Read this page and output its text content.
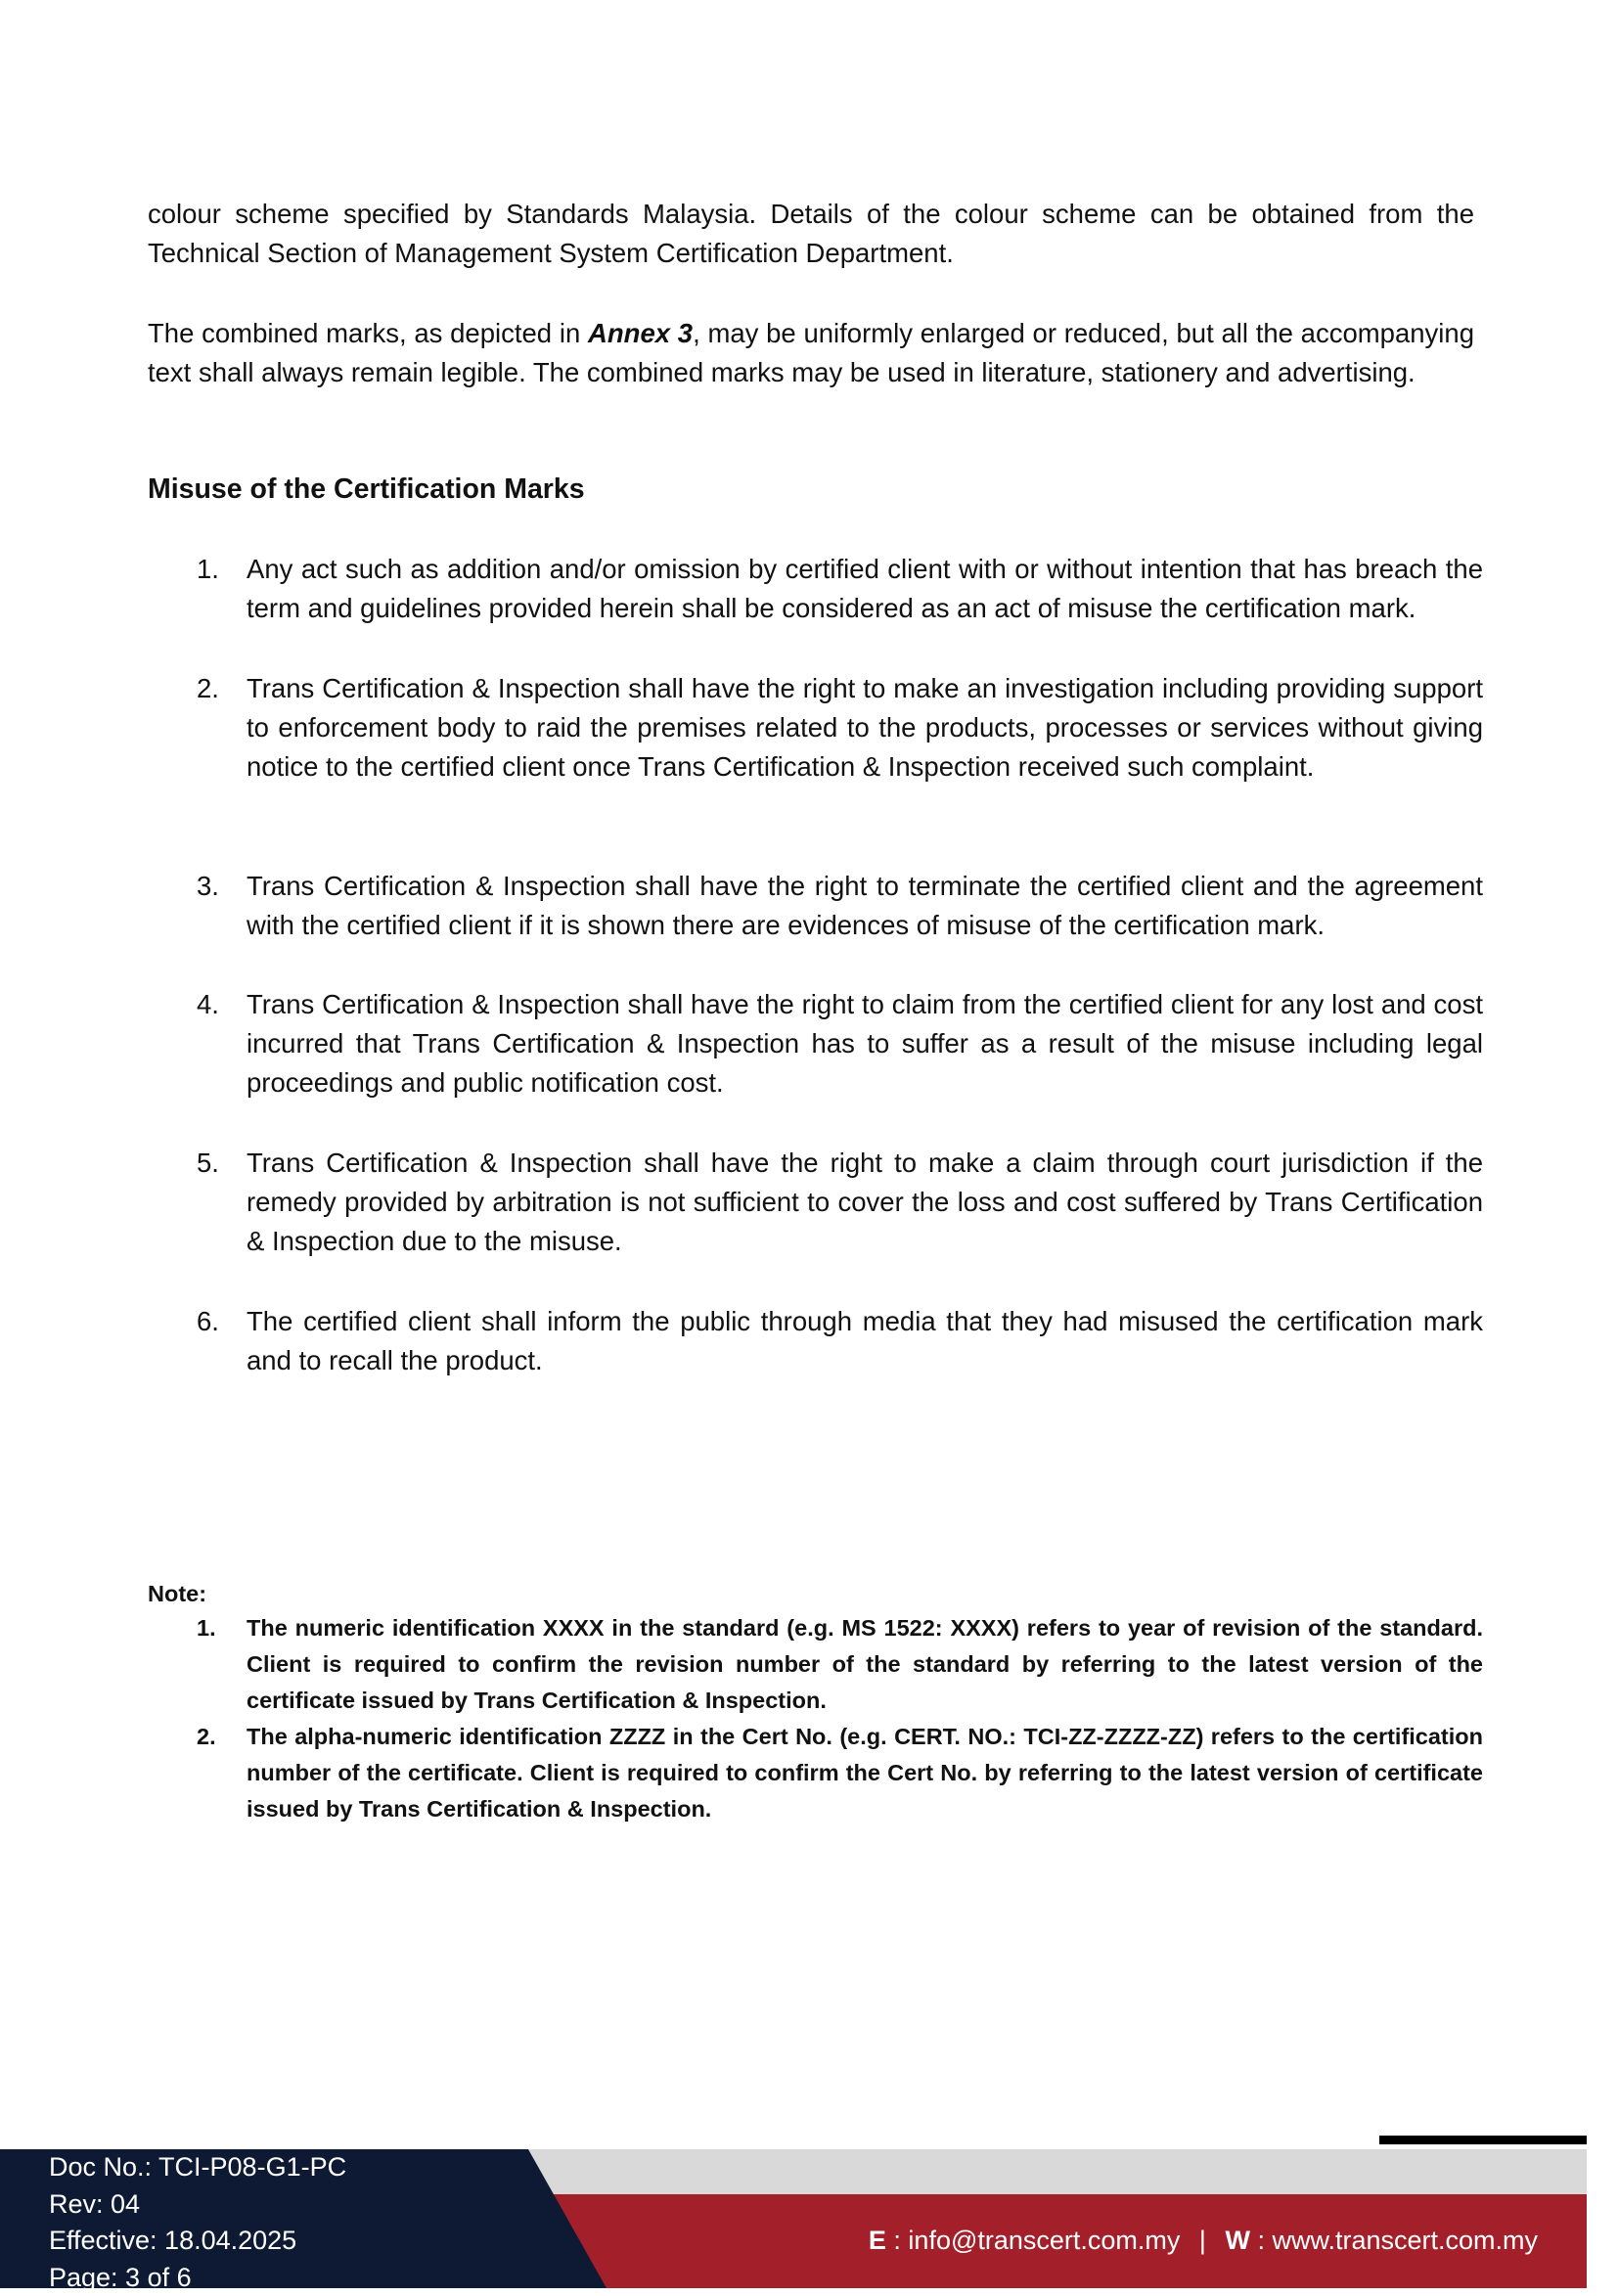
colour scheme specified by Standards Malaysia. Details of the colour scheme can be obtained from the Technical Section of Management System Certification Department.

The combined marks, as depicted in Annex 3, may be uniformly enlarged or reduced, but all the accompanying text shall always remain legible. The combined marks may be used in literature, stationery and advertising.

Misuse of the Certification Marks
1. Any act such as addition and/or omission by certified client with or without intention that has breach the term and guidelines provided herein shall be considered as an act of misuse the certification mark.
2. Trans Certification & Inspection shall have the right to make an investigation including providing support to enforcement body to raid the premises related to the products, processes or services without giving notice to the certified client once Trans Certification & Inspection received such complaint.
3. Trans Certification & Inspection shall have the right to terminate the certified client and the agreement with the certified client if it is shown there are evidences of misuse of the certification mark.
4. Trans Certification & Inspection shall have the right to claim from the certified client for any lost and cost incurred that Trans Certification & Inspection has to suffer as a result of the misuse including legal proceedings and public notification cost.
5. Trans Certification & Inspection shall have the right to make a claim through court jurisdiction if the remedy provided by arbitration is not sufficient to cover the loss and cost suffered by Trans Certification & Inspection due to the misuse.
6. The certified client shall inform the public through media that they had misused the certification mark and to recall the product.
Note:
1. The numeric identification XXXX in the standard (e.g. MS 1522: XXXX) refers to year of revision of the standard. Client is required to confirm the revision number of the standard by referring to the latest version of the certificate issued by Trans Certification & Inspection.
2. The alpha-numeric identification ZZZZ in the Cert No. (e.g. CERT. NO.: TCI-ZZ-ZZZZ-ZZ) refers to the certification number of the certificate. Client is required to confirm the Cert No. by referring to the latest version of certificate issued by Trans Certification & Inspection.
Doc No.: TCI-P08-G1-PC
Rev: 04
Effective: 18.04.2025
Page: 3 of 6
E : info@transcert.com.my | W : www.transcert.com.my
